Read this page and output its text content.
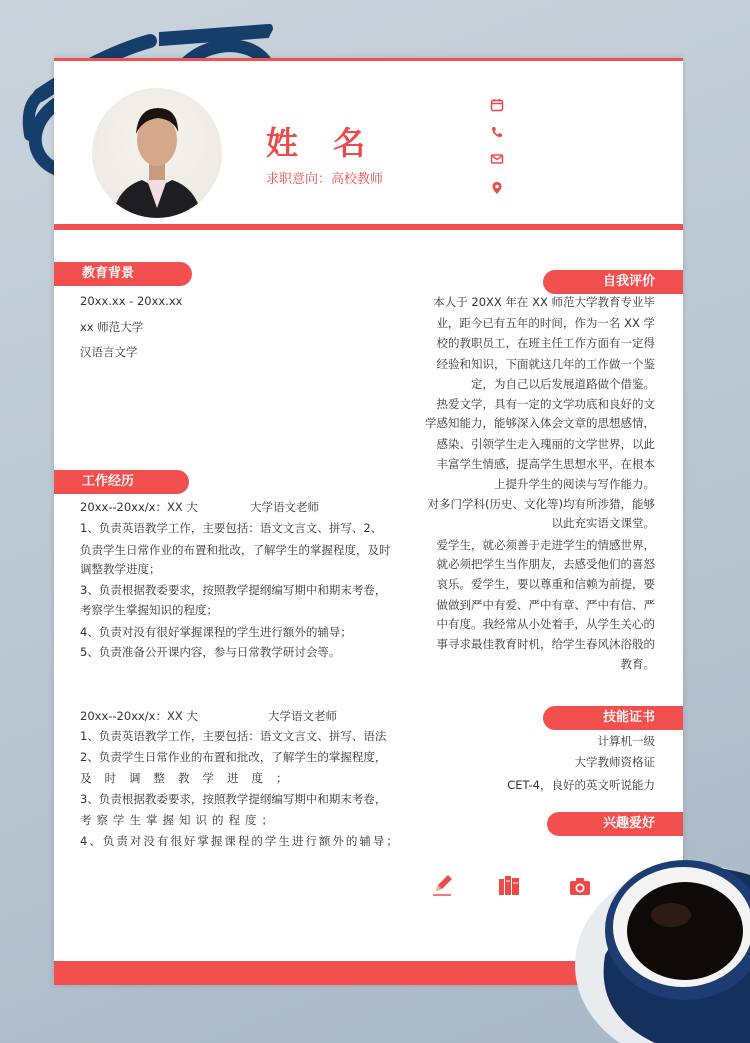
姓 名
求职意向：高校教师
教育背景
20xx.xx - 20xx.xx
xx 师范大学
汉语言文学
工作经历
20xx--20xx/x：XX 大	大学语文老师
1、负责英语教学工作，主要包括：语文文言文、拼写、2、
负责学生日常作业的布置和批改，了解学生的掌握程度，及时
调整教学进度；
3、负责根据教委要求，按照教学提纲编写期中和期末考卷，
考察学生掌握知识的程度；
4、负责对没有很好掌握课程的学生进行额外的辅导；
5、负责准备公开课内容，参与日常教学研讨会等。
20xx--20xx/x：XX 大	大学语文老师
1、负责英语教学工作，主要包括：语文文言文、拼写、语法
2、负责学生日常作业的布置和批改，了解学生的掌握程度，
及时调整教学进度；
3、负责根据教委要求，按照教学提纲编写期中和期末考卷，
考察学生掌握知识的程度；
4、负责对没有很好掌握课程的学生进行额外的辅导；
自我评价
本人于 20XX 年在 XX 师范大学教育专业毕
业，距今已有五年的时间，作为一名 XX 学
校的教职员工，在班主任工作方面有一定得
经验和知识，下面就这几年的工作做一个鉴
定，为自己以后发展道路做个借鉴。
热爱文学，具有一定的文学功底和良好的文
学感知能力，能够深入体会文章的思想感情，
感染、引领学生走入瑰丽的文学世界，以此
丰富学生情感，提高学生思想水平，在根本
上提升学生的阅读与写作能力。
对多门学科(历史、文化等)均有所涉猎，能够
以此充实语文课堂。
爱学生，就必须善于走进学生的情感世界，
就必须把学生当作朋友，去感受他们的喜怒
哀乐。爱学生，要以尊重和信赖为前提，要
做做到严中有爱、严中有章、严中有信、严
中有度。我经常从小处着手，从学生关心的
事寻求最佳教育时机，给学生春风沐浴般的
教育。
技能证书
计算机一级
大学教师资格证
CET-4，良好的英文听说能力
兴趣爱好
